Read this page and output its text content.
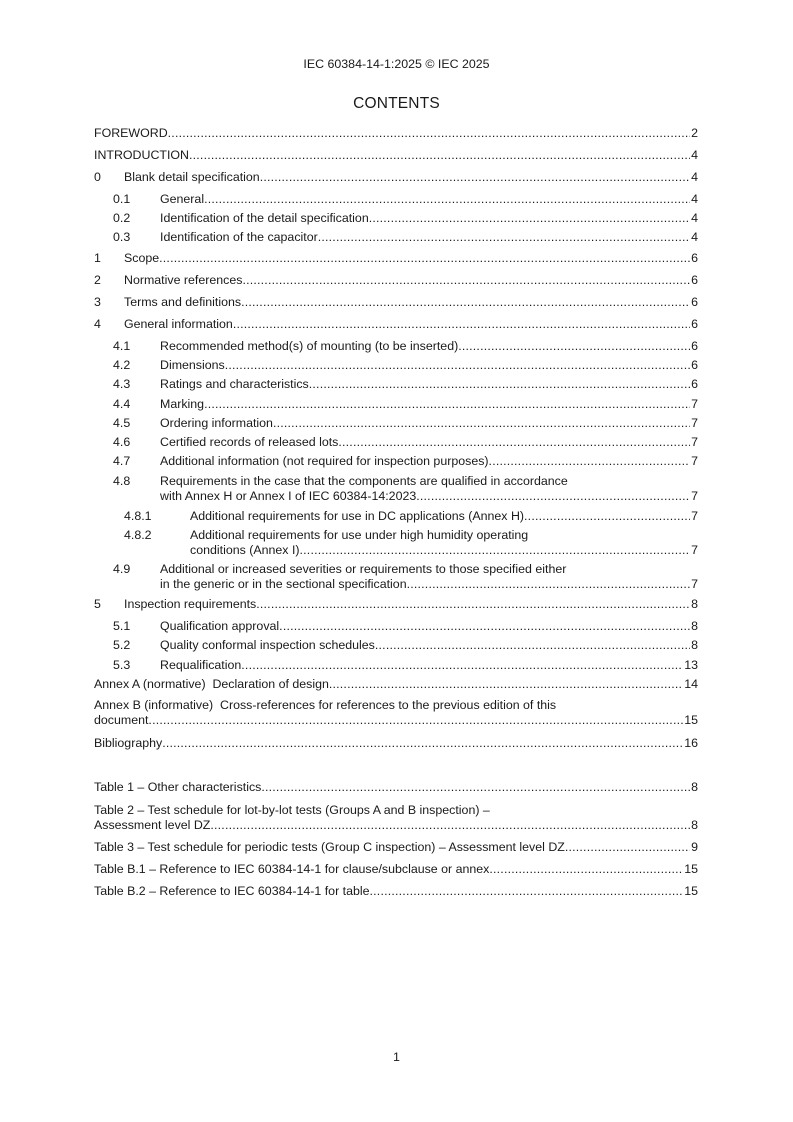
IEC 60384-14-1:2025 © IEC 2025
CONTENTS
FOREWORD .....	2
INTRODUCTION .....	4
0	Blank detail specification .....	4
0.1	General .....	4
0.2	Identification of the detail specification .....	4
0.3	Identification of the capacitor .....	4
1	Scope .....	6
2	Normative references .....	6
3	Terms and definitions .....	6
4	General information .....	6
4.1	Recommended method(s) of mounting (to be inserted) .....	6
4.2	Dimensions .....	6
4.3	Ratings and characteristics .....	6
4.4	Marking .....	7
4.5	Ordering information .....	7
4.6	Certified records of released lots .....	7
4.7	Additional information (not required for inspection purposes) .....	7
4.8 Requirements in the case that the components are qualified in accordance
with Annex H or Annex I of IEC 60384-14:2023 .....	7
4.8.1	Additional requirements for use in DC applications (Annex H) .....	7
4.8.2	Additional requirements for use under high humidity operating
conditions (Annex I) .....	7
4.9 Additional or increased severities or requirements to those specified either
in the generic or in the sectional specification .....	7
5	Inspection requirements .....	8
5.1	Qualification approval .....	8
5.2	Quality conformal inspection schedules .....	8
5.3	Requalification .....	13
Annex A (normative)  Declaration of design .....	14
Annex B (informative)  Cross-references for references to the previous edition of this
document .....	15
Bibliography .....	16
Table 1 – Other characteristics .....	8
Table 2 – Test schedule for lot-by-lot tests (Groups A and B inspection) –
Assessment level DZ .....	8
Table 3 – Test schedule for periodic tests (Group C inspection) – Assessment level DZ .....	9
Table B.1 – Reference to IEC 60384-14-1 for clause/subclause or annex .....	15
Table B.2 – Reference to IEC 60384-14-1 for table .....	15
1
